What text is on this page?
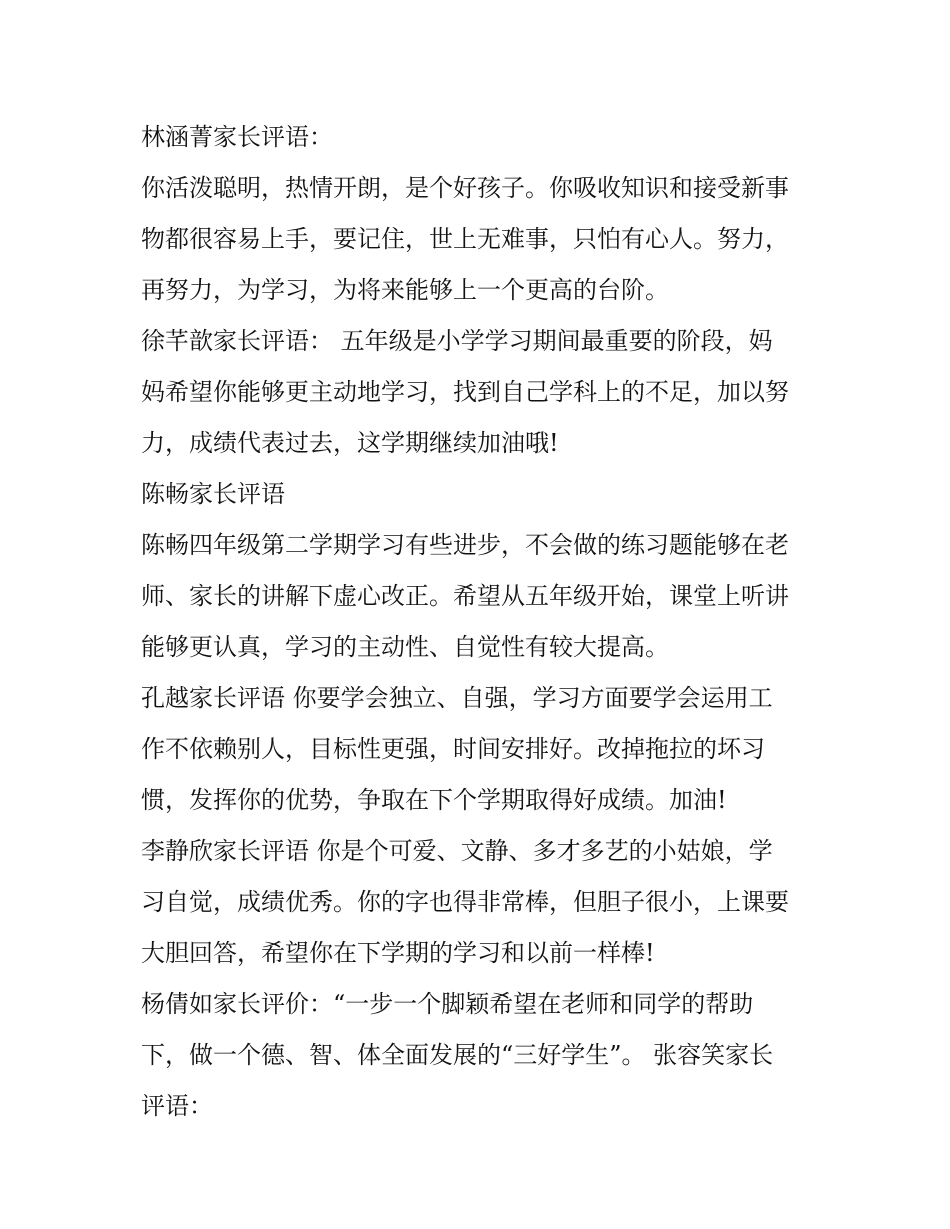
林涵菁家长评语：
你活泼聪明，热情开朗，是个好孩子。你吸收知识和接受新事
物都很容易上手，要记住，世上无难事，只怕有心人。努力，
再努力，为学习，为将来能够上一个更高的台阶。
徐芊歆家长评语： 五年级是小学学习期间最重要的阶段，妈
妈希望你能够更主动地学习，找到自己学科上的不足，加以努
力，成绩代表过去，这学期继续加油哦!
陈畅家长评语
陈畅四年级第二学期学习有些进步，不会做的练习题能够在老
师、家长的讲解下虚心改正。希望从五年级开始，课堂上听讲
能够更认真，学习的主动性、自觉性有较大提高。
孔越家长评语 你要学会独立、自强，学习方面要学会运用工
作不依赖别人，目标性更强，时间安排好。改掉拖拉的坏习
惯，发挥你的优势，争取在下个学期取得好成绩。加油!
李静欣家长评语 你是个可爱、文静、多才多艺的小姑娘，学
习自觉，成绩优秀。你的字也得非常棒，但胆子很小，上课要
大胆回答，希望你在下学期的学习和以前一样棒!
杨倩如家长评价：“一步一个脚颖希望在老师和同学的帮助
下，做一个德、智、体全面发展的“三好学生”。 张容笑家长
评语：
